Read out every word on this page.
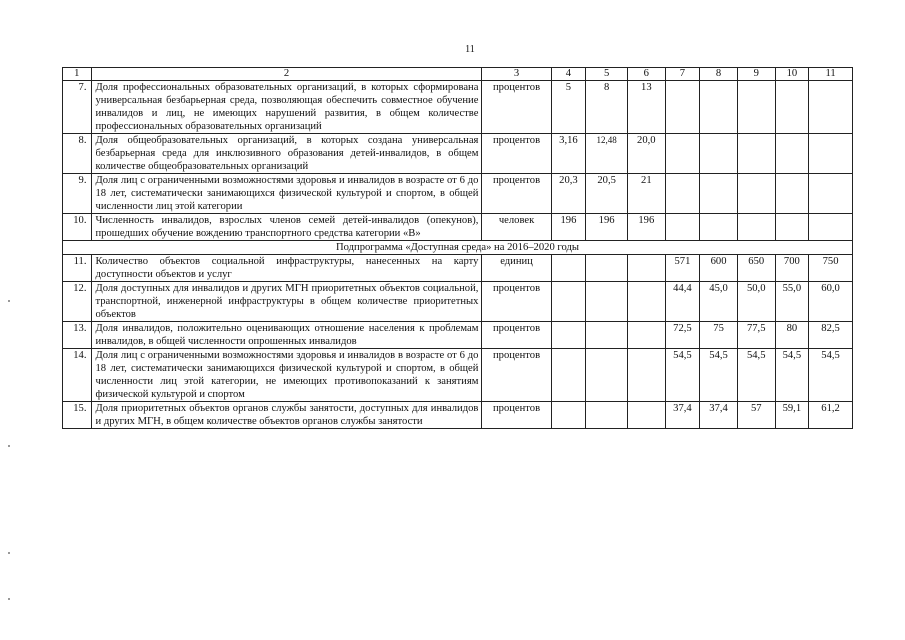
11
1	2	3	4	5	6	7	8	9	10	11
7.	Доля профессиональных образовательных организаций, в которых сформирована универсальная безбарьерная среда, позволяющая обеспечить совместное обучение инвалидов и лиц, не имеющих нарушений развития, в общем количестве профессиональных образовательных организаций	процентов	5	8	13					
8.	Доля общеобразовательных организаций, в которых создана универсальная безбарьерная среда для инклюзивного образования детей-инвалидов, в общем количестве общеобразовательных организаций	процентов	3,16	12,48	20,0					
9.	Доля лиц с ограниченными возможностями здоровья и инвалидов в возрасте от 6 до 18 лет, систематически занимающихся физической культурой и спортом, в общей численности лиц этой категории	процентов	20,3	20,5	21					
10.	Численность инвалидов, взрослых членов семей детей-инвалидов (опекунов), прошедших обучение вождению транспортного средства категории «В»	человек	196	196	196					
Подпрограмма «Доступная среда» на 2016–2020 годы										
11.	Количество объектов социальной инфраструктуры, нанесенных на карту доступности объектов и услуг	единиц				571	600	650	700	750
12.	Доля доступных для инвалидов и других МГН приоритетных объектов социальной, транспортной, инженерной инфраструктуры в общем количестве приоритетных объектов	процентов				44,4	45,0	50,0	55,0	60,0
13.	Доля инвалидов, положительно оценивающих отношение населения к проблемам инвалидов, в общей численности опрошенных инвалидов	процентов				72,5	75	77,5	80	82,5
14.	Доля лиц с ограниченными возможностями здоровья и инвалидов в возрасте от 6 до 18 лет, систематически занимающихся физической культурой и спортом, в общей численности лиц этой категории, не имеющих противопоказаний к занятиям физической культурой и спортом	процентов				54,5	54,5	54,5	54,5	54,5
15.	Доля приоритетных объектов органов службы занятости, доступных для инвалидов и других МГН, в общем количестве объектов органов службы занятости	процентов				37,4	37,4	57	59,1	61,2
